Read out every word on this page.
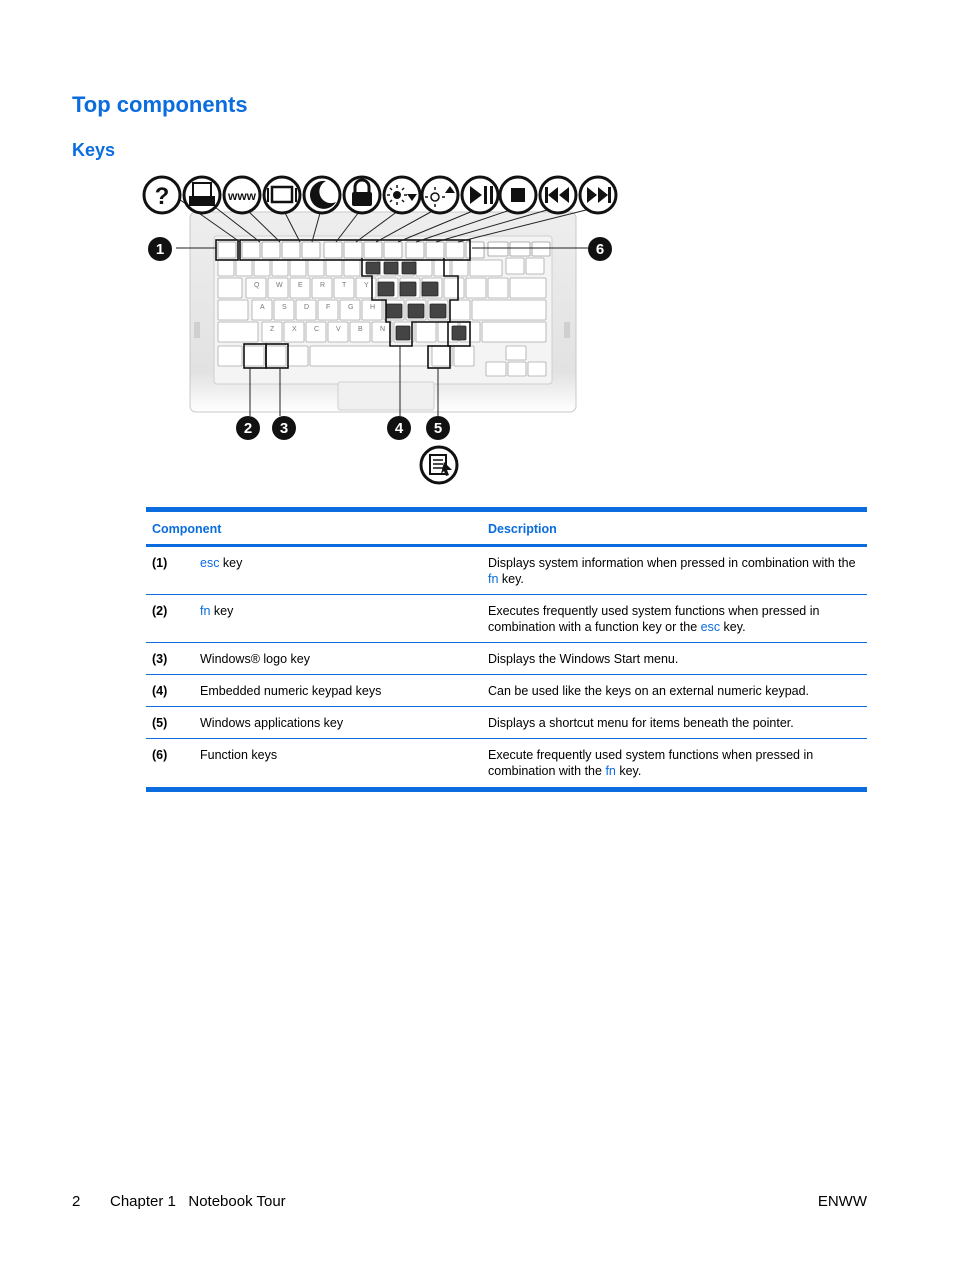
Top components
Keys
Q W E R T	Y
A S D F	G H
Z	X C V B N
?	www
1	6
2 3	4 5
Component		Description
(1)	esc key	Displays system information when pressed in combination with the fn key.
(2)	fn key	Executes frequently used system functions when pressed in combination with a function key or the esc key.
(3)	Windows® logo key	Displays the Windows Start menu.
(4)	Embedded numeric keypad keys	Can be used like the keys on an external numeric keypad.
(5)	Windows applications key	Displays a shortcut menu for items beneath the pointer.
(6)	Function keys	Execute frequently used system functions when pressed in combination with the fn key.
2 Chapter 1   Notebook Tour	ENWW
